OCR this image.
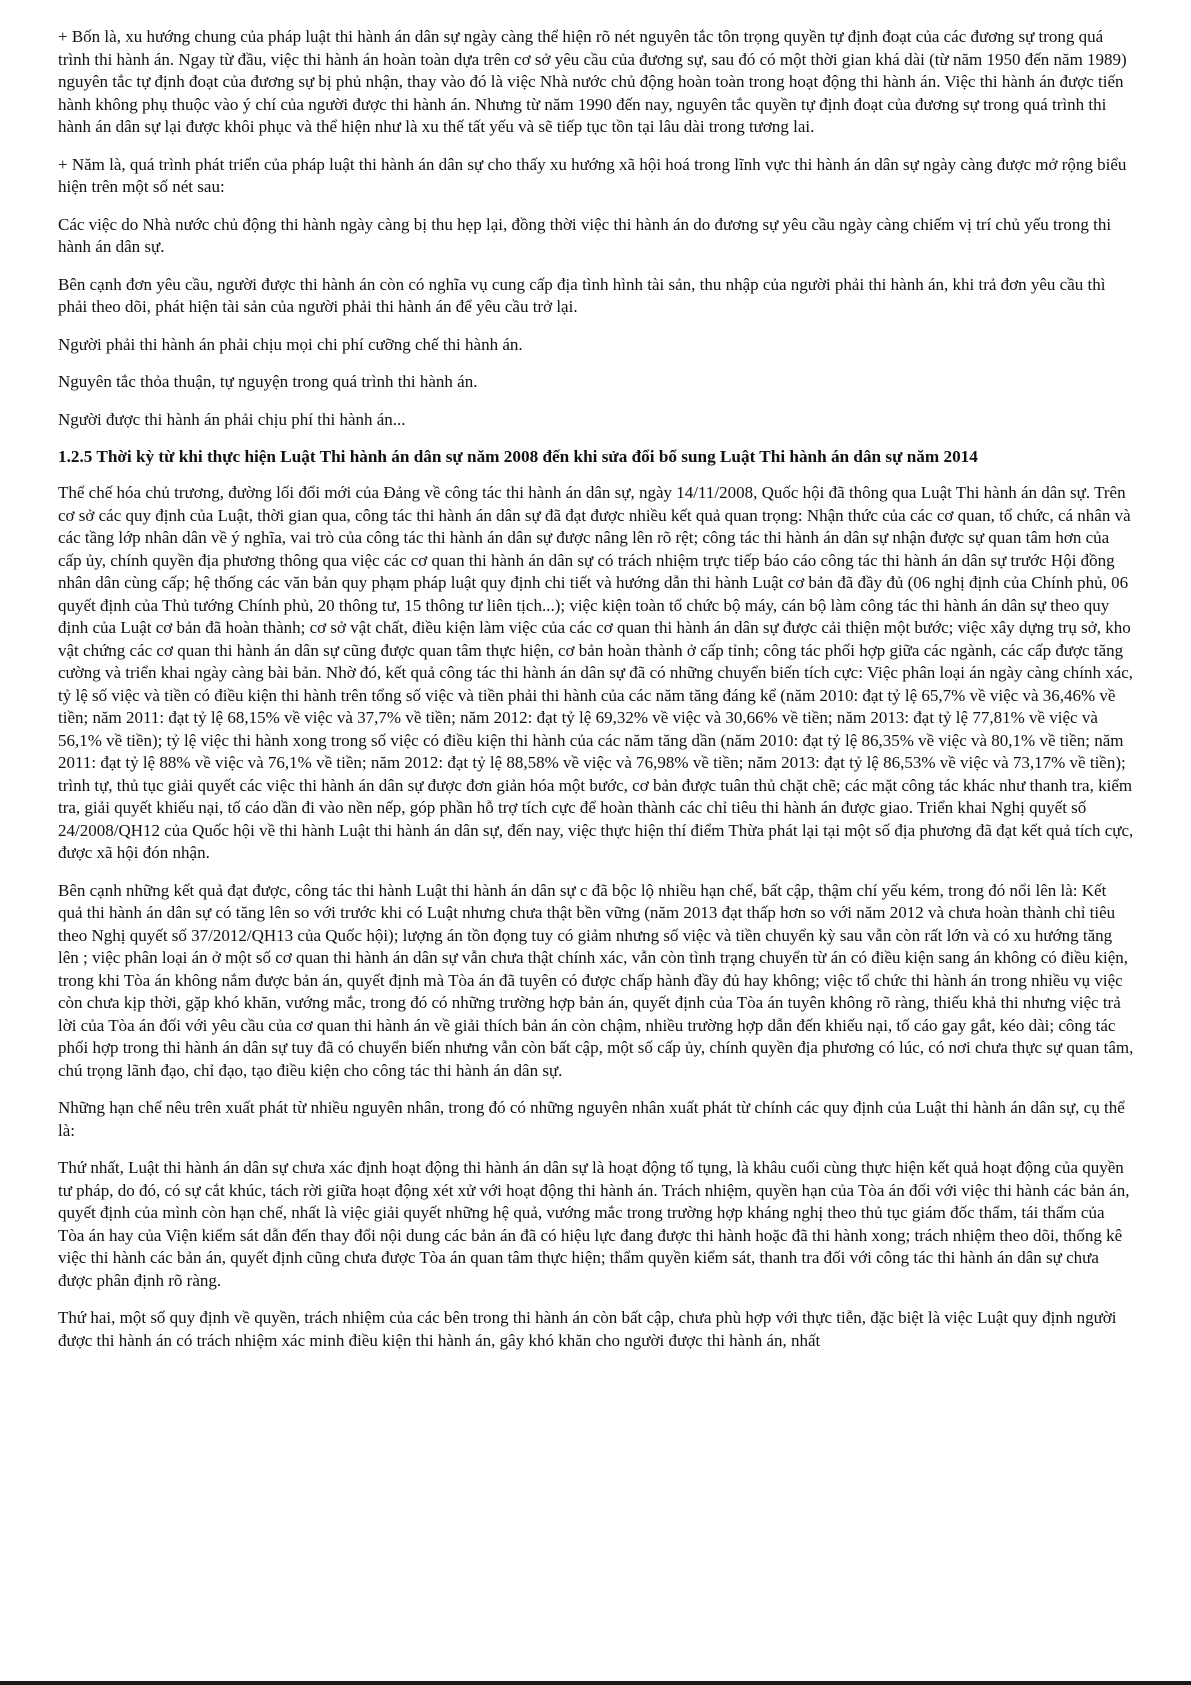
+ Bốn là, xu hướng chung của pháp luật thi hành án dân sự ngày càng thể hiện rõ nét nguyên tắc tôn trọng quyền tự định đoạt của các đương sự trong quá trình thi hành án. Ngay từ đầu, việc thi hành án hoàn toàn dựa trên cơ sở yêu cầu của đương sự, sau đó có một thời gian khá dài (từ năm 1950 đến năm 1989) nguyên tắc tự định đoạt của đương sự bị phủ nhận, thay vào đó là việc Nhà nước chủ động hoàn toàn trong hoạt động thi hành án. Việc thi hành án được tiến hành không phụ thuộc vào ý chí của người được thi hành án. Nhưng từ năm 1990 đến nay, nguyên tắc quyền tự định đoạt của đương sự trong quá trình thi hành án dân sự lại được khôi phục và thể hiện như là xu thế tất yếu và sẽ tiếp tục tồn tại lâu dài trong tương lai.

+ Năm là, quá trình phát triển của pháp luật thi hành án dân sự cho thấy xu hướng xã hội hoá trong lĩnh vực thi hành án dân sự ngày càng được mở rộng biểu hiện trên một số nét sau:

Các việc do Nhà nước chủ động thi hành ngày càng bị thu hẹp lại, đồng thời việc thi hành án do đương sự yêu cầu ngày càng chiếm vị trí chủ yếu trong thi hành án dân sự.

Bên cạnh đơn yêu cầu, người được thi hành án còn có nghĩa vụ cung cấp địa tình hình tài sản, thu nhập của người phải thi hành án, khi trả đơn yêu cầu thì phải theo dõi, phát hiện tài sản của người phải thi hành án để yêu cầu trở lại.

Người phải thi hành án phải chịu mọi chi phí cưỡng chế thi hành án.

Nguyên tắc thỏa thuận, tự nguyện trong quá trình thi hành án.

Người được thi hành án phải chịu phí thi hành án...

1.2.5 Thời kỳ từ khi thực hiện Luật Thi hành án dân sự năm 2008 đến khi sửa đổi bổ sung Luật Thi hành án dân sự năm 2014

Thể chế hóa chủ trương, đường lối đổi mới của Đảng về công tác thi hành án dân sự, ngày 14/11/2008, Quốc hội đã thông qua Luật Thi hành án dân sự. Trên cơ sở các quy định của Luật, thời gian qua, công tác thi hành án dân sự đã đạt được nhiều kết quả quan trọng: Nhận thức của các cơ quan, tổ chức, cá nhân và các tầng lớp nhân dân về ý nghĩa, vai trò của công tác thi hành án dân sự được nâng lên rõ rệt; công tác thi hành án dân sự nhận được sự quan tâm hơn của cấp ủy, chính quyền địa phương thông qua việc các cơ quan thi hành án dân sự có trách nhiệm trực tiếp báo cáo công tác thi hành án dân sự trước Hội đồng nhân dân cùng cấp; hệ thống các văn bản quy phạm pháp luật quy định chi tiết và hướng dẫn thi hành Luật cơ bản đã đầy đủ (06 nghị định của Chính phủ, 06 quyết định của Thủ tướng Chính phủ, 20 thông tư, 15 thông tư liên tịch...); việc kiện toàn tổ chức bộ máy, cán bộ làm công tác thi hành án dân sự theo quy định của Luật cơ bản đã hoàn thành; cơ sở vật chất, điều kiện làm việc của các cơ quan thi hành án dân sự được cải thiện một bước; việc xây dựng trụ sở, kho vật chứng các cơ quan thi hành án dân sự cũng được quan tâm thực hiện, cơ bản hoàn thành ở cấp tỉnh; công tác phối hợp giữa các ngành, các cấp được tăng cường và triển khai ngày càng bài bản. Nhờ đó, kết quả công tác thi hành án dân sự đã có những chuyển biến tích cực: Việc phân loại án ngày càng chính xác, tỷ lệ số việc và tiền có điều kiện thi hành trên tổng số việc và tiền phải thi hành của các năm tăng đáng kể (năm 2010: đạt tỷ lệ 65,7% về việc và 36,46% về tiền; năm 2011: đạt tỷ lệ 68,15% về việc và 37,7% về tiền; năm 2012: đạt tỷ lệ 69,32% về việc và 30,66% về tiền; năm 2013: đạt tỷ lệ 77,81% về việc và 56,1% về tiền); tỷ lệ việc thi hành xong trong số việc có điều kiện thi hành của các năm tăng dần (năm 2010: đạt tỷ lệ 86,35% về việc và 80,1% về tiền; năm 2011: đạt tỷ lệ 88% về việc và 76,1% về tiền; năm 2012: đạt tỷ lệ 88,58% về việc và 76,98% về tiền; năm 2013: đạt tỷ lệ 86,53% về việc và 73,17% về tiền); trình tự, thủ tục giải quyết các việc thi hành án dân sự được đơn giản hóa một bước, cơ bản được tuân thủ chặt chẽ; các mặt công tác khác như thanh tra, kiểm tra, giải quyết khiếu nại, tố cáo dần đi vào nền nếp, góp phần hỗ trợ tích cực để hoàn thành các chỉ tiêu thi hành án được giao. Triển khai Nghị quyết số 24/2008/QH12 của Quốc hội về thi hành Luật thi hành án dân sự, đến nay, việc thực hiện thí điểm Thừa phát lại tại một số địa phương đã đạt kết quả tích cực, được xã hội đón nhận.

Bên cạnh những kết quả đạt được, công tác thi hành Luật thi hành án dân sự c đã bộc lộ nhiều hạn chế, bất cập, thậm chí yếu kém, trong đó nổi lên là: Kết quả thi hành án dân sự có tăng lên so với trước khi có Luật nhưng chưa thật bền vững (năm 2013 đạt thấp hơn so với năm 2012 và chưa hoàn thành chỉ tiêu theo Nghị quyết số 37/2012/QH13 của Quốc hội); lượng án tồn đọng tuy có giảm nhưng số việc và tiền chuyển kỳ sau vẫn còn rất lớn và có xu hướng tăng lên ; việc phân loại án ở một số cơ quan thi hành án dân sự vẫn chưa thật chính xác, vẫn còn tình trạng chuyển từ án có điều kiện sang án không có điều kiện, trong khi Tòa án không nắm được bản án, quyết định mà Tòa án đã tuyên có được chấp hành đầy đủ hay không; việc tổ chức thi hành án trong nhiều vụ việc còn chưa kịp thời, gặp khó khăn, vướng mắc, trong đó có những trường hợp bản án, quyết định của Tòa án tuyên không rõ ràng, thiếu khả thi nhưng việc trả lời của Tòa án đối với yêu cầu của cơ quan thi hành án về giải thích bản án còn chậm, nhiều trường hợp dẫn đến khiếu nại, tố cáo gay gắt, kéo dài; công tác phối hợp trong thi hành án dân sự tuy đã có chuyển biến nhưng vẫn còn bất cập, một số cấp ủy, chính quyền địa phương có lúc, có nơi chưa thực sự quan tâm, chú trọng lãnh đạo, chỉ đạo, tạo điều kiện cho công tác thi hành án dân sự.

Những hạn chế nêu trên xuất phát từ nhiều nguyên nhân, trong đó có những nguyên nhân xuất phát từ chính các quy định của Luật thi hành án dân sự, cụ thể là:

Thứ nhất, Luật thi hành án dân sự chưa xác định hoạt động thi hành án dân sự là hoạt động tố tụng, là khâu cuối cùng thực hiện kết quả hoạt động của quyền tư pháp, do đó, có sự cắt khúc, tách rời giữa hoạt động xét xử với hoạt động thi hành án. Trách nhiệm, quyền hạn của Tòa án đối với việc thi hành các bản án, quyết định của mình còn hạn chế, nhất là việc giải quyết những hệ quả, vướng mắc trong trường hợp kháng nghị theo thủ tục giám đốc thẩm, tái thẩm của Tòa án hay của Viện kiểm sát dẫn đến thay đổi nội dung các bản án đã có hiệu lực đang được thi hành hoặc đã thi hành xong; trách nhiệm theo dõi, thống kê việc thi hành các bản án, quyết định cũng chưa được Tòa án quan tâm thực hiện; thẩm quyền kiểm sát, thanh tra đối với công tác thi hành án dân sự chưa được phân định rõ ràng.

Thứ hai, một số quy định về quyền, trách nhiệm của các bên trong thi hành án còn bất cập, chưa phù hợp với thực tiễn, đặc biệt là việc Luật quy định người được thi hành án có trách nhiệm xác minh điều kiện thi hành án, gây khó khăn cho người được thi hành án, nhất
